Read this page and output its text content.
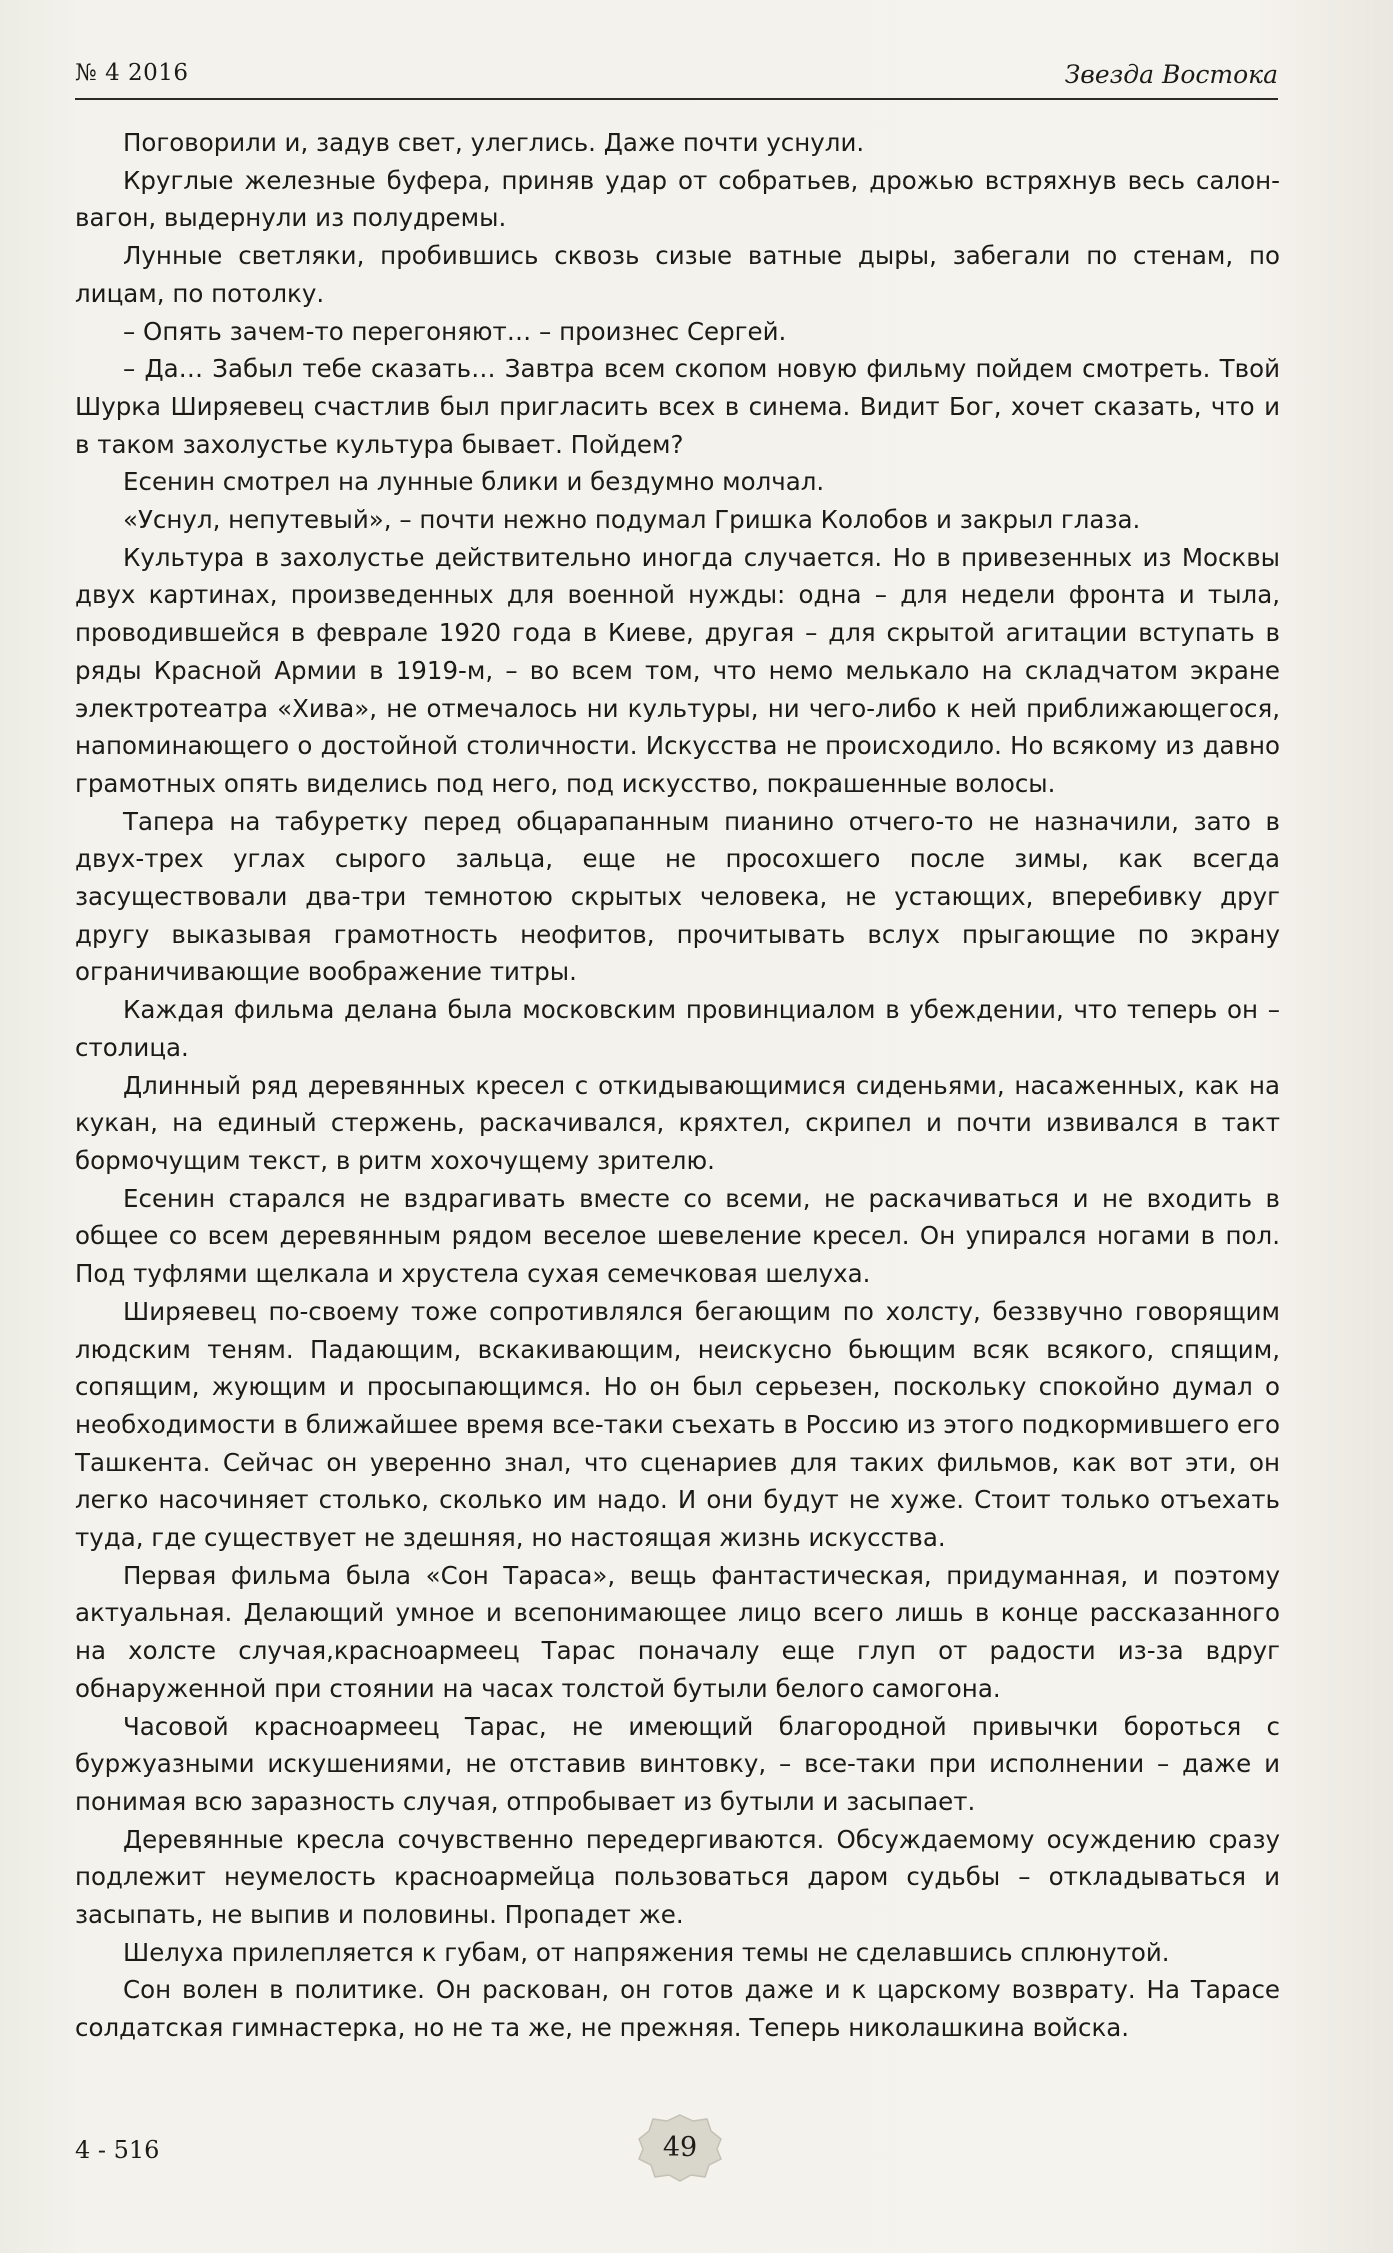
№ 4 2016	Звезда Востока

Поговорили и, задув свет, улеглись. Даже почти уснули.

Круглые железные буфера, приняв удар от собратьев, дрожью встряхнув весь салон-вагон, выдернули из полудремы.

Лунные светляки, пробившись сквозь сизые ватные дыры, забегали по стенам, по лицам, по потолку.

– Опять зачем-то перегоняют… – произнес Сергей.

– Да… Забыл тебе сказать… Завтра всем скопом новую фильму пойдем смотреть. Твой Шурка Ширяевец счастлив был пригласить всех в синема. Видит Бог, хочет сказать, что и в таком захолустье культура бывает. Пойдем?

Есенин смотрел на лунные блики и бездумно молчал.

«Уснул, непутевый», – почти нежно подумал Гришка Колобов и закрыл глаза.

Культура в захолустье действительно иногда случается. Но в привезенных из Москвы двух картинах, произведенных для военной нужды: одна – для недели фронта и тыла, проводившейся в феврале 1920 года в Киеве, другая – для скрытой агитации вступать в ряды Красной Армии в 1919-м, – во всем том, что немо мелькало на складчатом экране электротеатра «Хива», не отмечалось ни культуры, ни чего-либо к ней приближающегося, напоминающего о достойной столичности. Искусства не происходило. Но всякому из давно грамотных опять виделись под него, под искусство, покрашенные волосы.

Тапера на табуретку перед обцарапанным пианино отчего-то не назначили, зато в двух-трех углах сырого зальца, еще не просохшего после зимы, как всегда засуществовали два-три темнотою скрытых человека, не устающих, вперебивку друг другу выказывая грамотность неофитов, прочитывать вслух прыгающие по экрану ограничивающие воображение титры.

Каждая фильма делана была московским провинциалом в убеждении, что теперь он – столица.

Длинный ряд деревянных кресел с откидывающимися сиденьями, насаженных, как на кукан, на единый стержень, раскачивался, кряхтел, скрипел и почти извивался в такт бормочущим текст, в ритм хохочущему зрителю.

Есенин старался не вздрагивать вместе со всеми, не раскачиваться и не входить в общее со всем деревянным рядом веселое шевеление кресел. Он упирался ногами в пол. Под туфлями щелкала и хрустела сухая семечковая шелуха.

Ширяевец по-своему тоже сопротивлялся бегающим по холсту, беззвучно говорящим людским теням. Падающим, вскакивающим, неискусно бьющим всяк всякого, спящим, сопящим, жующим и просыпающимся. Но он был серьезен, поскольку спокойно думал о необходимости в ближайшее время все-таки съехать в Россию из этого подкормившего его Ташкента. Сейчас он уверенно знал, что сценариев для таких фильмов, как вот эти, он легко насочиняет столько, сколько им надо. И они будут не хуже. Стоит только отъехать туда, где существует не здешняя, но настоящая жизнь искусства.

Первая фильма была «Сон Тараса», вещь фантастическая, придуманная, и поэтому актуальная. Делающий умное и всепонимающее лицо всего лишь в конце рассказанного на холсте случая,красноармеец Тарас поначалу еще глуп от радости из-за вдруг обнаруженной при стоянии на часах толстой бутыли белого самогона.

Часовой красноармеец Тарас, не имеющий благородной привычки бороться с буржуазными искушениями, не отставив винтовку, – все-таки при исполнении – даже и понимая всю заразность случая, отпробывает из бутыли и засыпает.

Деревянные кресла сочувственно передергиваются. Обсуждаемому осуждению сразу подлежит неумелость красноармейца пользоваться даром судьбы – откладываться и засыпать, не выпив и половины. Пропадет же.

Шелуха прилепляется к губам, от напряжения темы не сделавшись сплюнутой.

Сон волен в политике. Он раскован, он готов даже и к царскому возврату. На Тарасе солдатская гимнастерка, но не та же, не прежняя. Теперь николашкина войска.

4 - 516	49
